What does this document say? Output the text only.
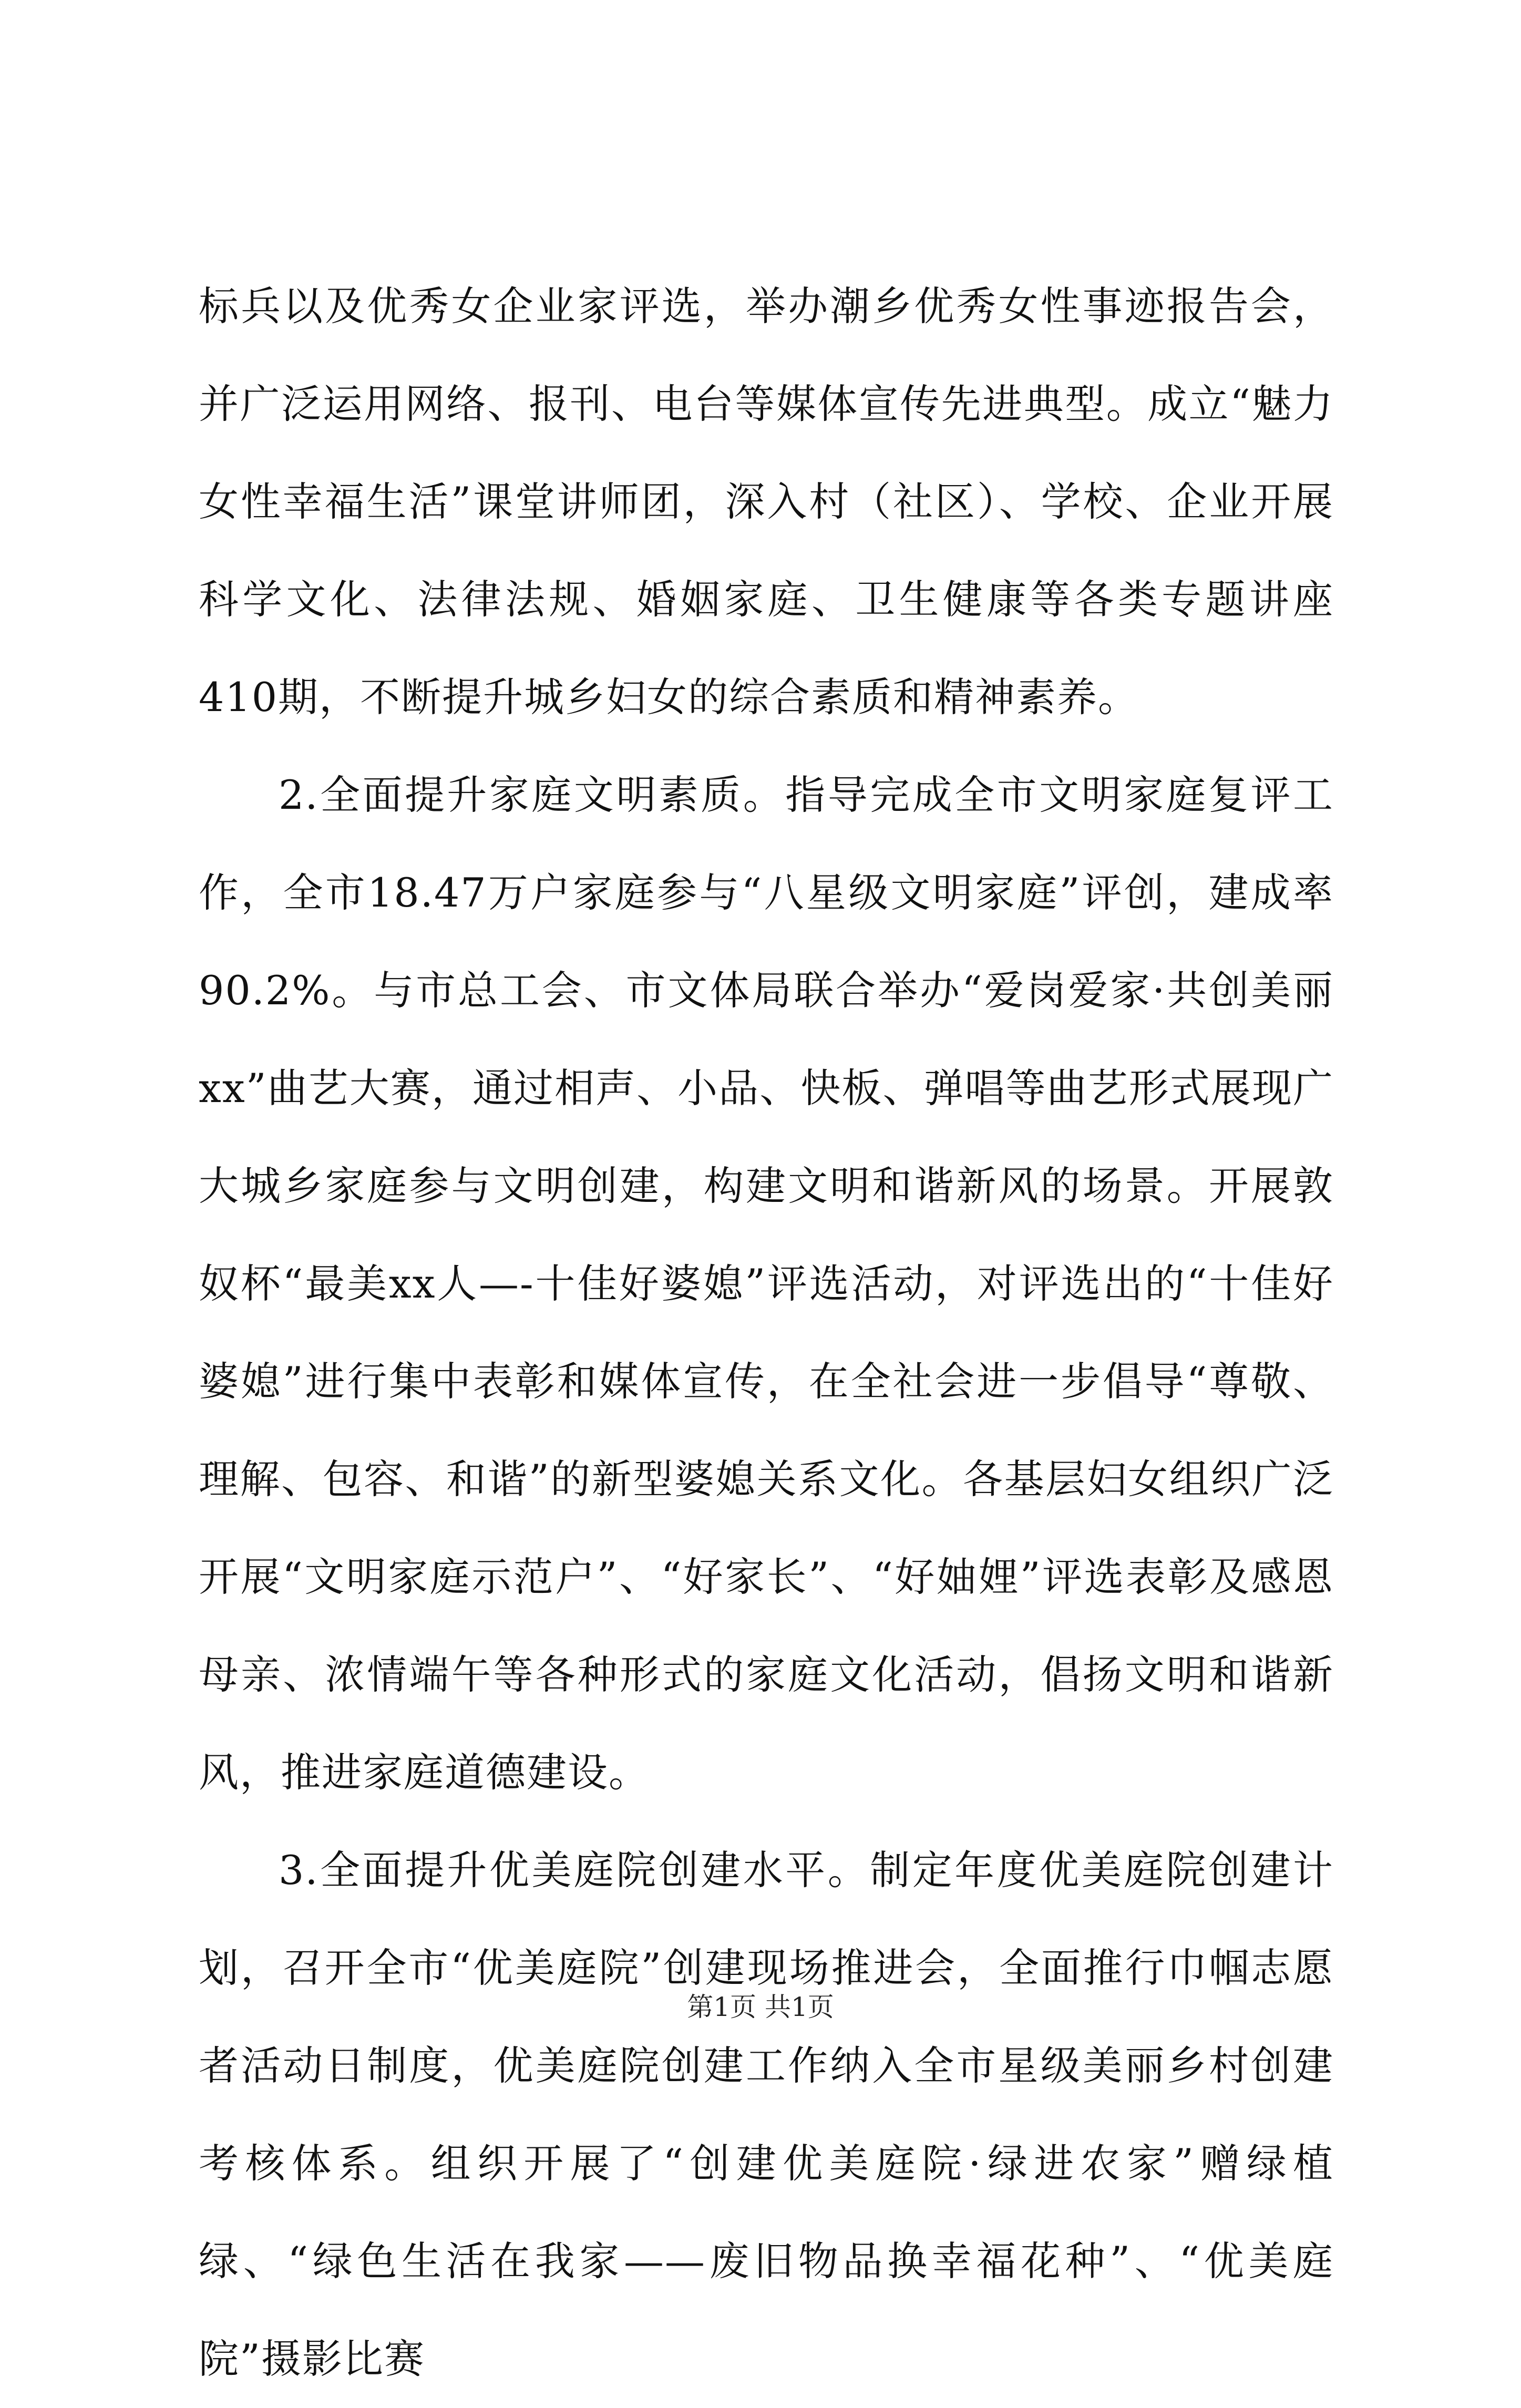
标兵以及优秀女企业家评选，举办潮乡优秀女性事迹报告会，并广泛运用网络、报刊、电台等媒体宣传先进典型。成立“魅力女性幸福生活”课堂讲师团，深入村（社区）、学校、企业开展科学文化、法律法规、婚姻家庭、卫生健康等各类专题讲座410期，不断提升城乡妇女的综合素质和精神素养。

2.全面提升家庭文明素质。指导完成全市文明家庭复评工作，全市18.47万户家庭参与“八星级文明家庭”评创，建成率90.2%。与市总工会、市文体局联合举办“爱岗爱家·共创美丽xx”曲艺大赛，通过相声、小品、快板、弹唱等曲艺形式展现广大城乡家庭参与文明创建，构建文明和谐新风的场景。开展敦奴杯“最美xx人—-十佳好婆媳”评选活动，对评选出的“十佳好婆媳”进行集中表彰和媒体宣传，在全社会进一步倡导“尊敬、理解、包容、和谐”的新型婆媳关系文化。各基层妇女组织广泛开展“文明家庭示范户”、“好家长”、“好妯娌”评选表彰及感恩母亲、浓情端午等各种形式的家庭文化活动，倡扬文明和谐新风，推进家庭道德建设。

3.全面提升优美庭院创建水平。制定年度优美庭院创建计划，召开全市“优美庭院”创建现场推进会，全面推行巾帼志愿者活动日制度，优美庭院创建工作纳入全市星级美丽乡村创建考核体系。组织开展了“创建优美庭院·绿进农家”赠绿植绿、“绿色生活在我家——废旧物品换幸福花种”、“优美庭院”摄影比赛

第1页 共1页
